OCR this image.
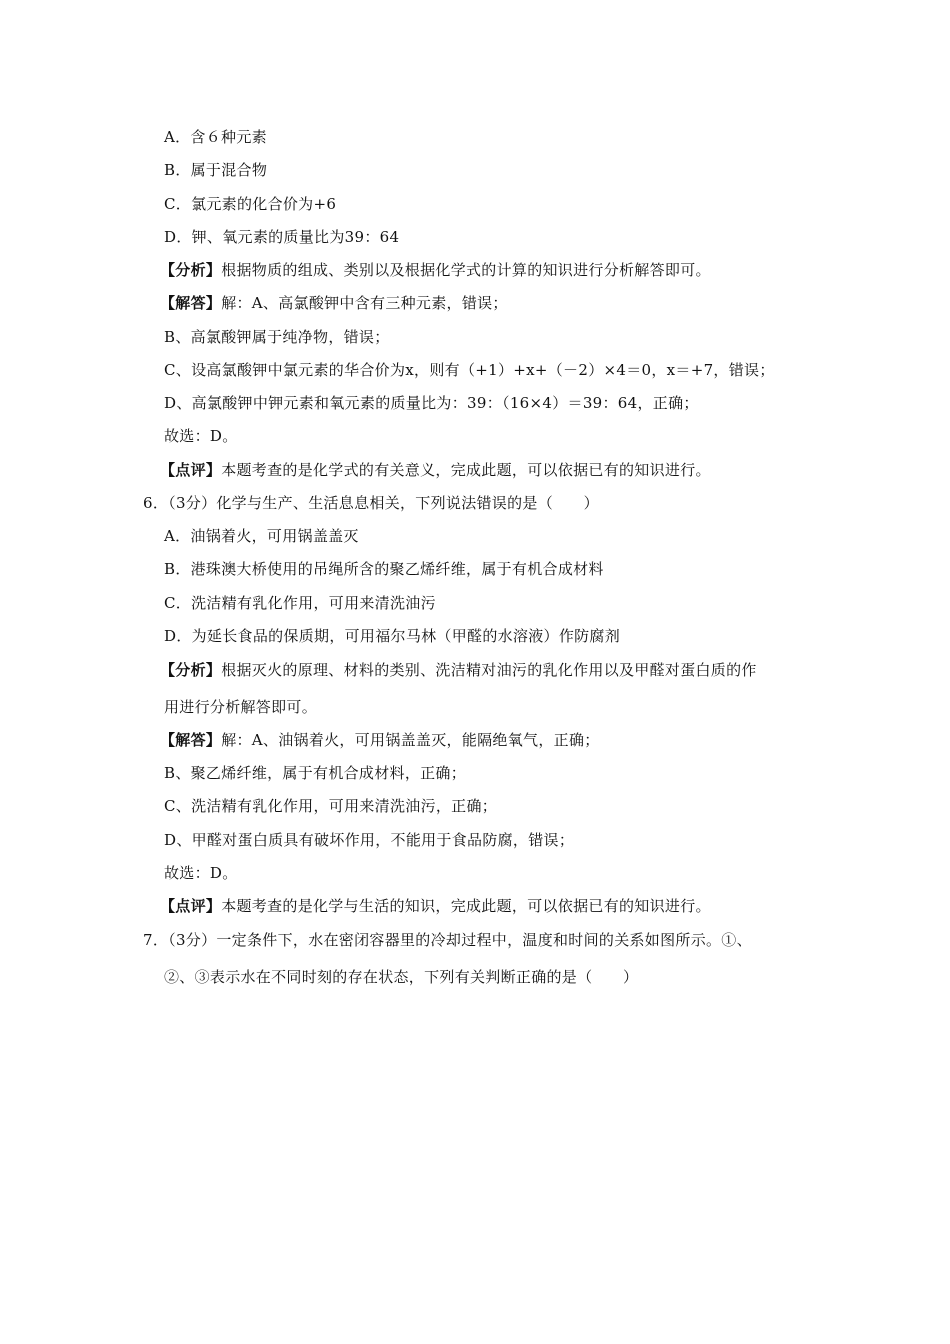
A．含６种元素
B．属于混合物
C．氯元素的化合价为+6
D．钾、氧元素的质量比为39：64
【分析】根据物质的组成、类别以及根据化学式的计算的知识进行分析解答即可。
【解答】解：A、高氯酸钾中含有三种元素，错误；
B、高氯酸钾属于纯净物，错误；
C、设高氯酸钾中氯元素的华合价为x，则有（+1）+x+（－2）×4＝0，x＝+7，错误；
D、高氯酸钾中钾元素和氧元素的质量比为：39：（16×4）＝39：64，正确；
故选：D。
【点评】本题考查的是化学式的有关意义，完成此题，可以依据已有的知识进行。
6．（3分）化学与生产、生活息息相关，下列说法错误的是（　　）
A．油锅着火，可用锅盖盖灭
B．港珠澳大桥使用的吊绳所含的聚乙烯纤维，属于有机合成材料
C．洗洁精有乳化作用，可用来清洗油污
D．为延长食品的保质期，可用福尔马林（甲醛的水溶液）作防腐剂
【分析】根据灭火的原理、材料的类别、洗洁精对油污的乳化作用以及甲醛对蛋白质的作
用进行分析解答即可。
【解答】解：A、油锅着火，可用锅盖盖灭，能隔绝氧气，正确；
B、聚乙烯纤维，属于有机合成材料，正确；
C、洗洁精有乳化作用，可用来清洗油污，正确；
D、甲醛对蛋白质具有破坏作用，不能用于食品防腐，错误；
故选：D。
【点评】本题考查的是化学与生活的知识，完成此题，可以依据已有的知识进行。
7．（3分）一定条件下，水在密闭容器里的冷却过程中，温度和时间的关系如图所示。①、
②、③表示水在不同时刻的存在状态，下列有关判断正确的是（　　）
